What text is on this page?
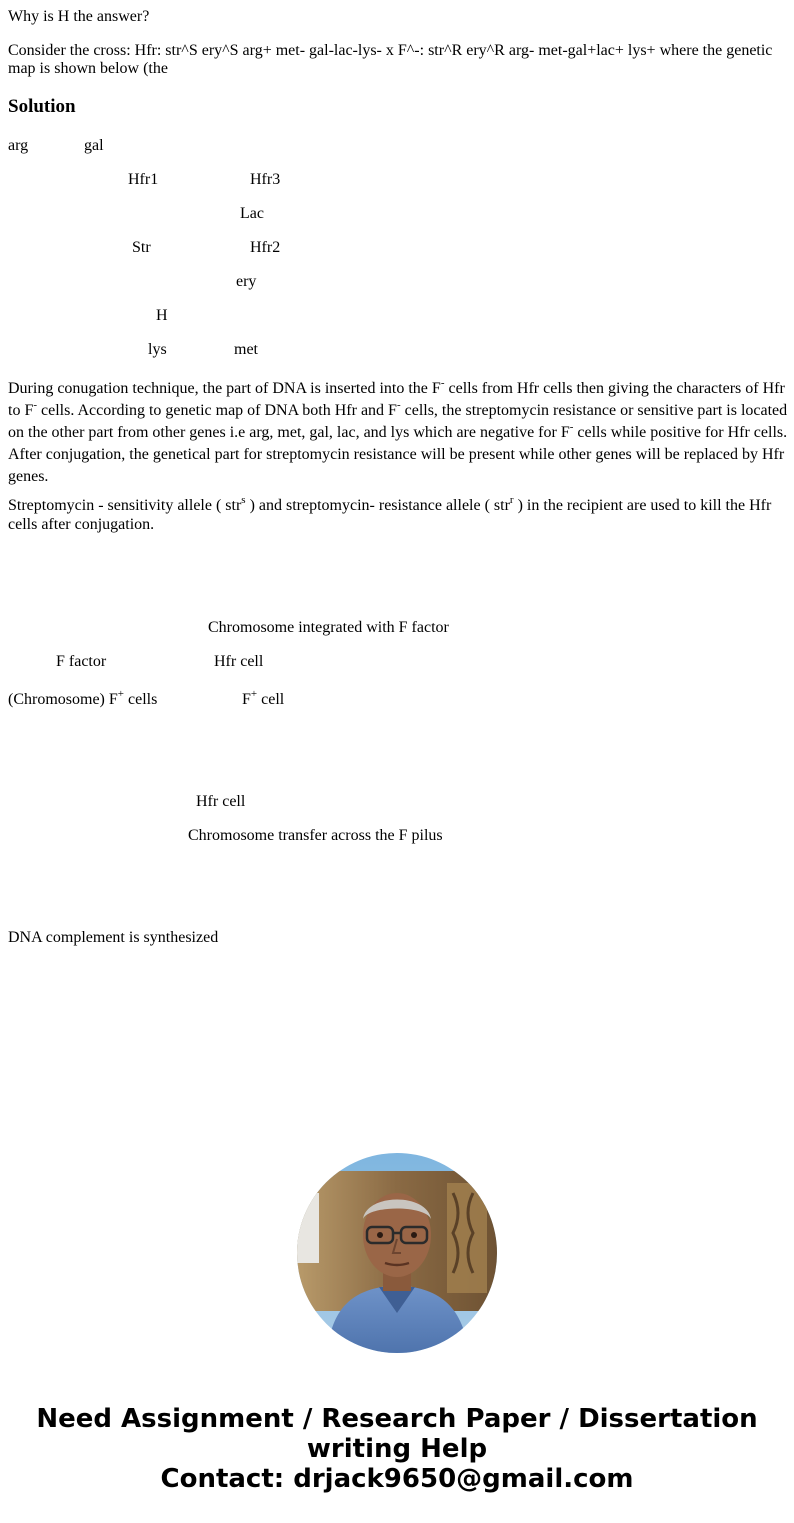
Why is H the answer?
Consider the cross: Hfr: str^S ery^S arg+ met- gal-lac-lys- x F^-: str^R ery^R arg- met-gal+lac+ lys+ where the genetic map is shown below (the
Solution
arg	gal
Hfr1	Hfr3
Lac
Str	Hfr2
ery
H
lys	met
During conugation technique, the part of DNA is inserted into the F- cells from Hfr cells then giving the characters of Hfr to F- cells. According to genetic map of DNA both Hfr and F- cells, the streptomycin resistance or sensitive part is located on the other part from other genes i.e arg, met, gal, lac, and lys which are negative for F- cells while positive for Hfr cells. After conjugation, the genetical part for streptomycin resistance will be present while other genes will be replaced by Hfr genes.
Streptomycin - sensitivity allele ( str$^s$ ) and streptomycin- resistance allele ( str$^r$ ) in the recipient are used to kill the Hfr cells after conjugation.
Chromosome integrated with F factor
F factor	Hfr cell
(Chromosome) F+ cells	F+ cell
Hfr cell
Chromosome transfer across the F pilus
DNA complement is synthesized
Need Assignment / Research Paper / Dissertation
writing Help
Contact: drjack9650@gmail.com
